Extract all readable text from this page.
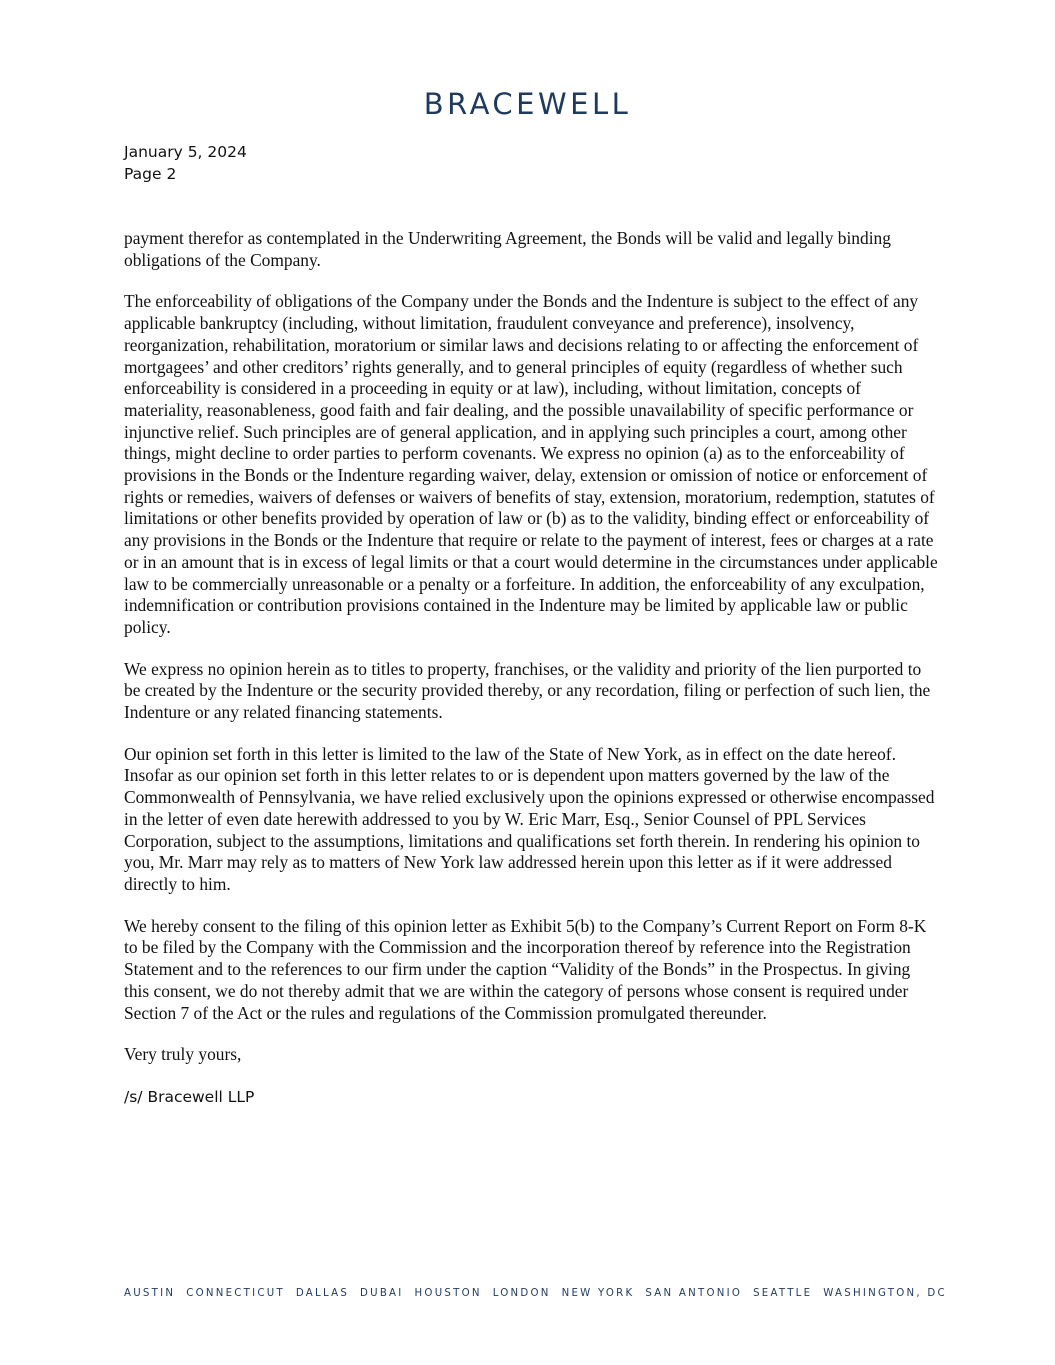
BRACEWELL
January 5, 2024
Page 2

payment therefor as contemplated in the Underwriting Agreement, the Bonds will be valid and legally binding obligations of the Company.

The enforceability of obligations of the Company under the Bonds and the Indenture is subject to the effect of any applicable bankruptcy (including, without limitation, fraudulent conveyance and preference), insolvency, reorganization, rehabilitation, moratorium or similar laws and decisions relating to or affecting the enforcement of mortgagees’ and other creditors’ rights generally, and to general principles of equity (regardless of whether such enforceability is considered in a proceeding in equity or at law), including, without limitation, concepts of materiality, reasonableness, good faith and fair dealing, and the possible unavailability of specific performance or injunctive relief. Such principles are of general application, and in applying such principles a court, among other things, might decline to order parties to perform covenants. We express no opinion (a) as to the enforceability of provisions in the Bonds or the Indenture regarding waiver, delay, extension or omission of notice or enforcement of rights or remedies, waivers of defenses or waivers of benefits of stay, extension, moratorium, redemption, statutes of limitations or other benefits provided by operation of law or (b) as to the validity, binding effect or enforceability of any provisions in the Bonds or the Indenture that require or relate to the payment of interest, fees or charges at a rate or in an amount that is in excess of legal limits or that a court would determine in the circumstances under applicable law to be commercially unreasonable or a penalty or a forfeiture. In addition, the enforceability of any exculpation, indemnification or contribution provisions contained in the Indenture may be limited by applicable law or public policy.

We express no opinion herein as to titles to property, franchises, or the validity and priority of the lien purported to be created by the Indenture or the security provided thereby, or any recordation, filing or perfection of such lien, the Indenture or any related financing statements.

Our opinion set forth in this letter is limited to the law of the State of New York, as in effect on the date hereof. Insofar as our opinion set forth in this letter relates to or is dependent upon matters governed by the law of the Commonwealth of Pennsylvania, we have relied exclusively upon the opinions expressed or otherwise encompassed in the letter of even date herewith addressed to you by W. Eric Marr, Esq., Senior Counsel of PPL Services Corporation, subject to the assumptions, limitations and qualifications set forth therein. In rendering his opinion to you, Mr. Marr may rely as to matters of New York law addressed herein upon this letter as if it were addressed directly to him.

We hereby consent to the filing of this opinion letter as Exhibit 5(b) to the Company’s Current Report on Form 8-K to be filed by the Company with the Commission and the incorporation thereof by reference into the Registration Statement and to the references to our firm under the caption “Validity of the Bonds” in the Prospectus. In giving this consent, we do not thereby admit that we are within the category of persons whose consent is required under Section 7 of the Act or the rules and regulations of the Commission promulgated thereunder.

Very truly yours,

/s/ Bracewell LLP
AUSTIN  CONNECTICUT  DALLAS  DUBAI  HOUSTON  LONDON  NEW YORK  SAN ANTONIO  SEATTLE  WASHINGTON, DC
